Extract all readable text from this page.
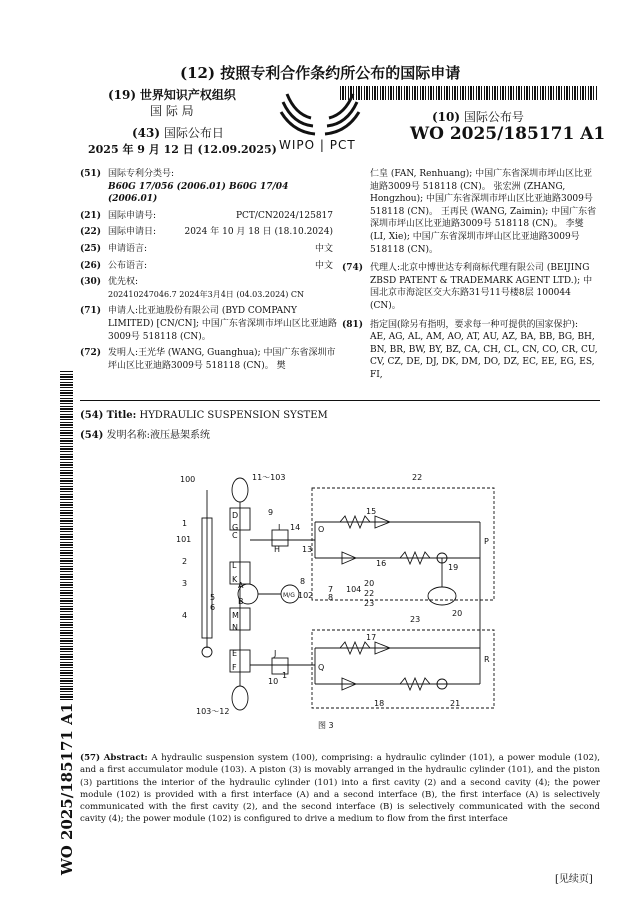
(12) 按照专利合作条约所公布的国际申请
(19) 世界知识产权组织
国 际 局
(43) 国际公布日
2025 年 9 月 12 日 (12.09.2025) WIPO | PCT
(10) 国际公布号
WO 2025/185171 A1
(51) 国际专利分类号:
B60G 17/056 (2006.01) B60G 17/04 (2006.01)
(21) 国际申请号:	PCT/CN2024/125817
(22) 国际申请日:	2024 年 10 月 18 日 (18.10.2024)
(25) 申请语言:	中文
(26) 公布语言:	中文
(30) 优先权:
202410247046.7 2024年3月4日 (04.03.2024) CN
(71) 申请人:比亚迪股份有限公司 (BYD COMPANY LIMITED) [CN/CN]; 中国广东省深圳市坪山区比亚迪路3009号 518118 (CN)。
(72) 发明人:王光华 (WANG, Guanghua); 中国广东省深圳市坪山区比亚迪路3009号 518118 (CN)。 樊
仁皇 (FAN, Renhuang); 中国广东省深圳市坪山区比亚迪路3009号 518118 (CN)。 张宏洲 (ZHANG, Hongzhou); 中国广东省深圳市坪山区比亚迪路3009号 518118 (CN)。 王再民 (WANG, Zaimin); 中国广东省深圳市坪山区比亚迪路3009号 518118 (CN)。 李燮 (LI, Xie); 中国广东省深圳市坪山区比亚迪路3009号 518118 (CN)。
(74) 代理人:北京中博世达专利商标代理有限公司 (BEIJING ZBSD PATENT & TRADEMARK AGENT LTD.); 中国北京市海淀区交大东路31号11号楼8层 100044 (CN)。
(81) 指定国(除另有指明，要求每一种可提供的国家保护):
AE, AG, AL, AM, AO, AT, AU, AZ, BA, BB, BG, BH, BN, BR, BW, BY, BZ, CA, CH, CL, CN, CO, CR, CU, CV, CZ, DE, DJ, DK, DM, DO, DZ, EC, EE, EG, ES, FI,
(54) Title: HYDRAULIC SUSPENSION SYSTEM
(54) 发明名称:液压悬架系统
100	11～103
101
2
3
4
1
5
6
9
10
1
8
7
8
102
104
20
22
23
22
15
16	19
20
23
17
18	21
14
13
103～12
D
G
C
H
I
L
K
A
B
M
N
E
F
J
O
P
Q
R
M/G
图 3
(57) Abstract: A hydraulic suspension system (100), comprising: a hydraulic cylinder (101), a power module (102), and a first accumulator module (103). A piston (3) is movably arranged in the hydraulic cylinder (101), and the piston (3) partitions the interior of the hydraulic cylinder (101) into a first cavity (2) and a second cavity (4); the power module (102) is provided with a first interface (A) and a second interface (B), the first interface (A) is selectively communicated with the first cavity (2), and the second interface (B) is selectively communicated with the second cavity (4); the power module (102) is configured to drive a medium to flow from the first interface
WO 2025/185171 A1
[见续页]
